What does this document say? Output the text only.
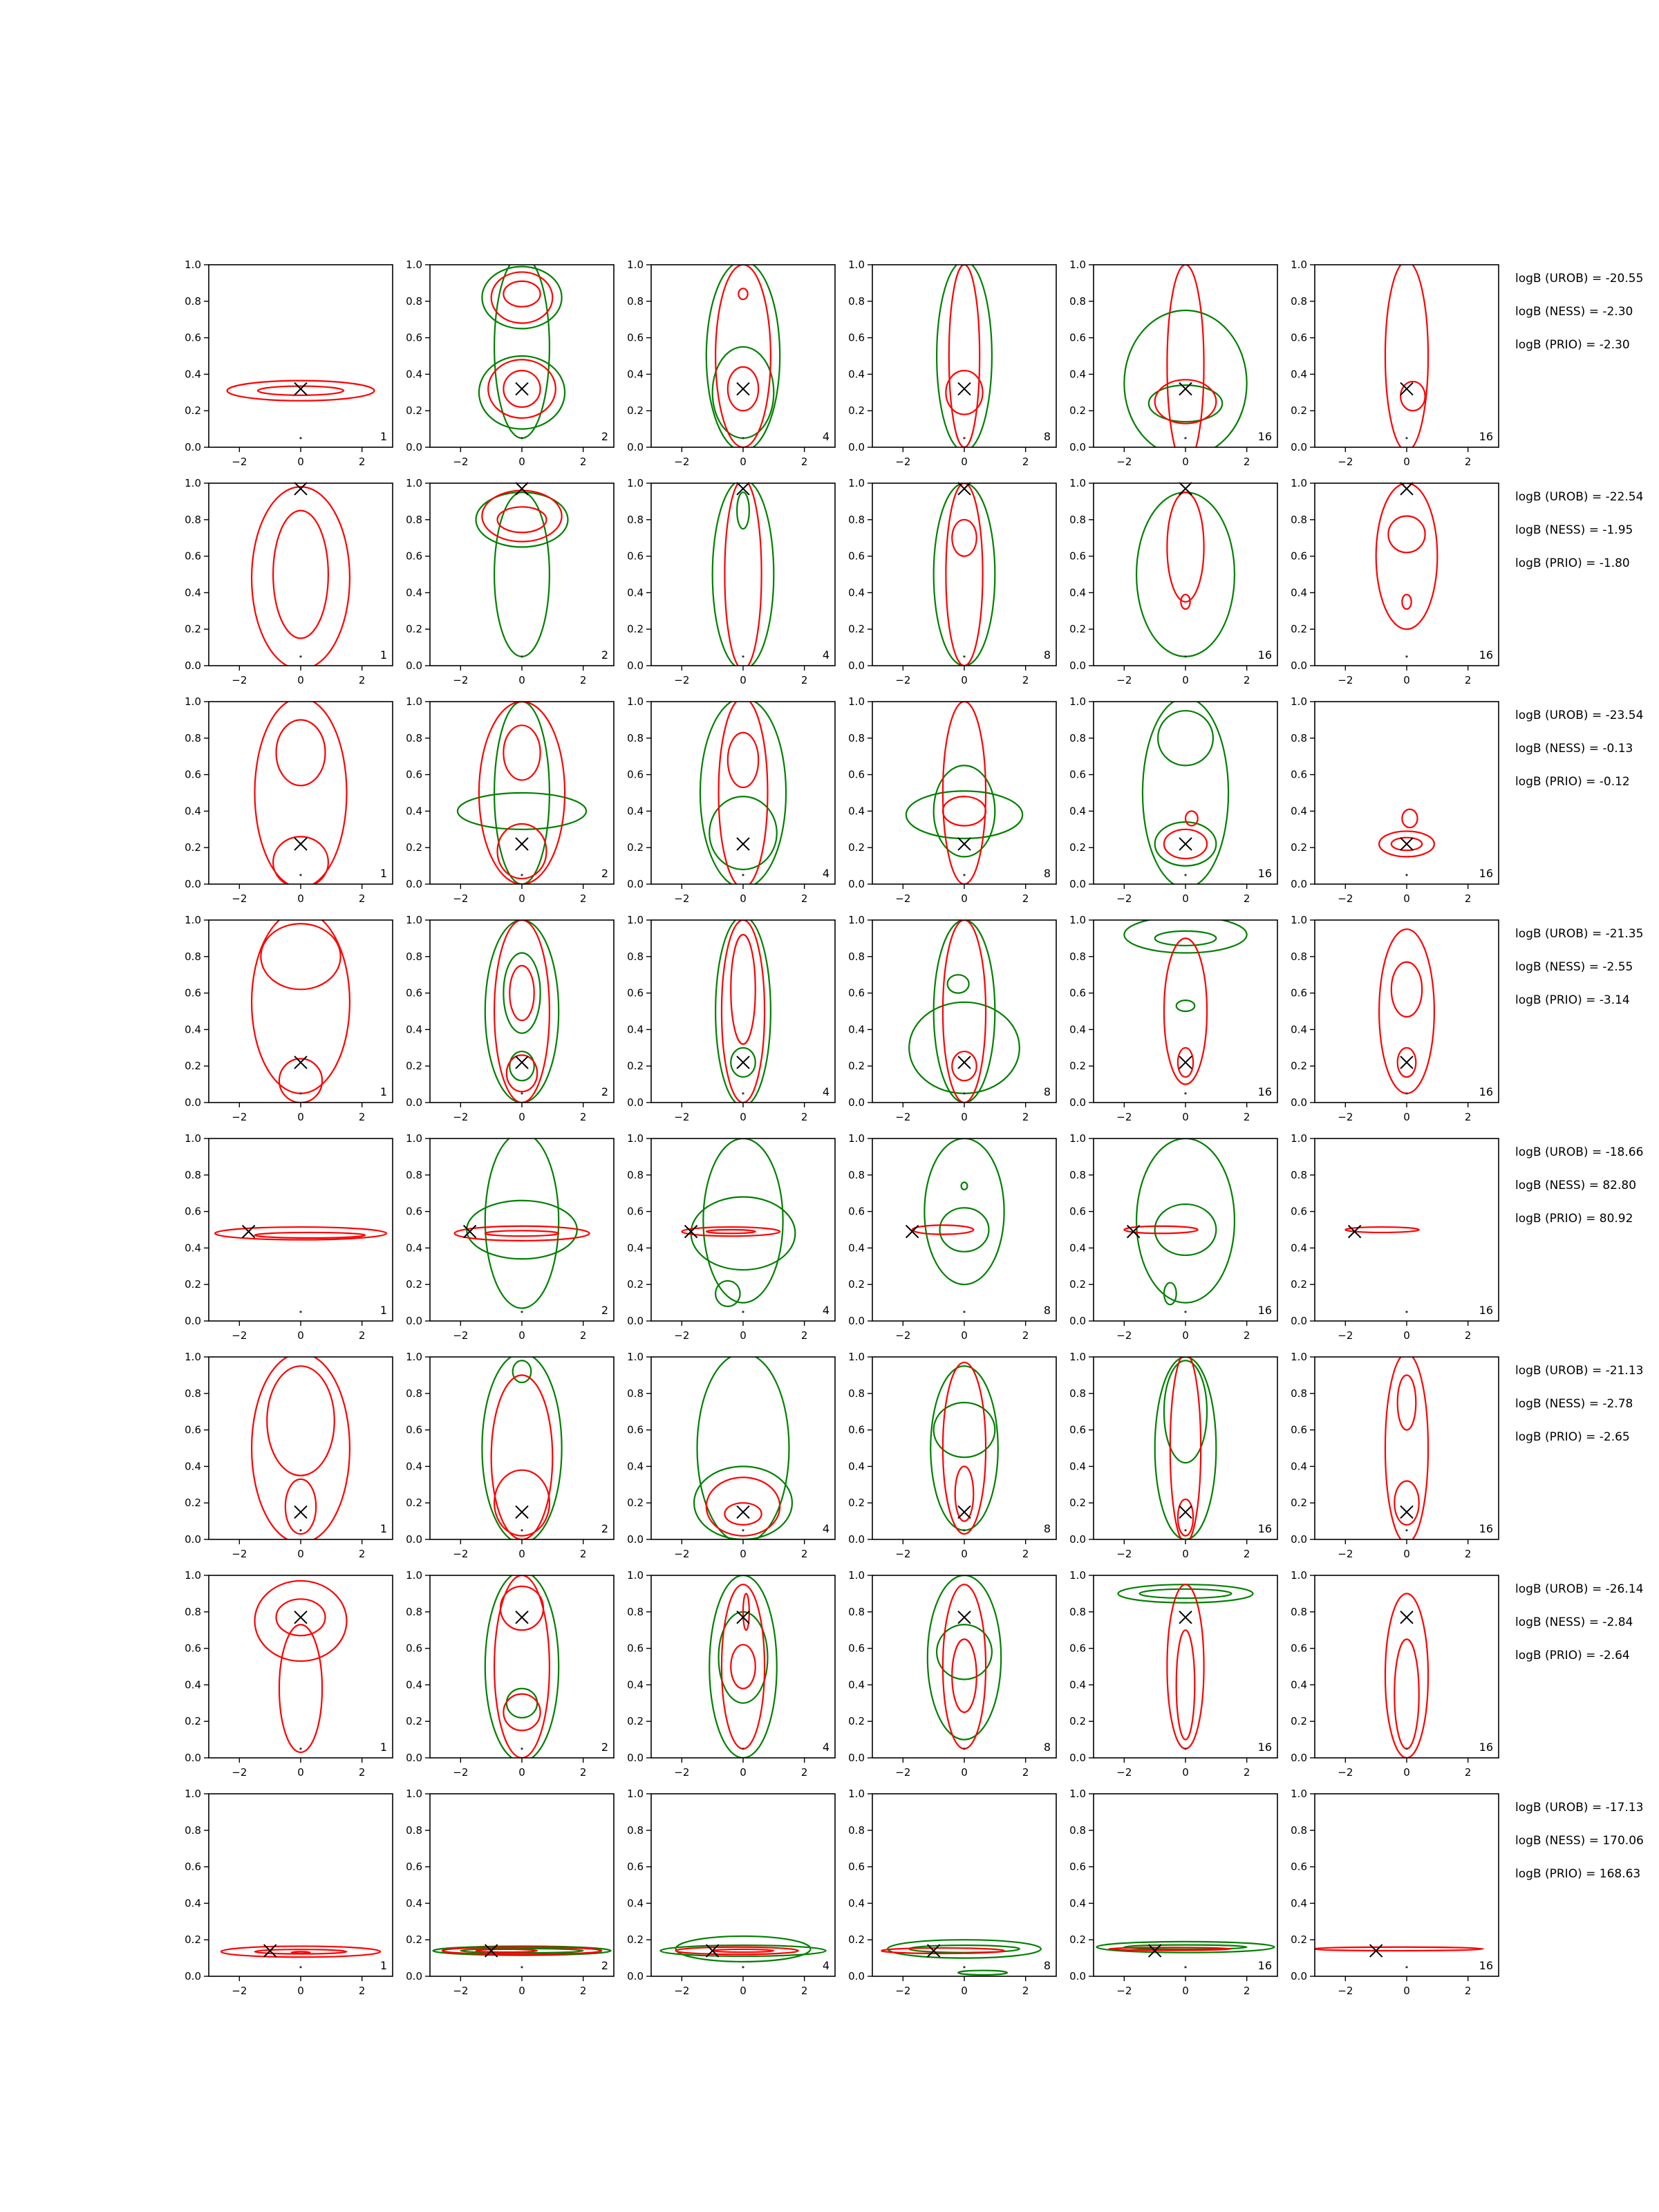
−2	0	2
0.0
0.2
0.4
0.6
0.8
1.0
1
−2	0	2
0.0
0.2
0.4
0.6
0.8
1.0
2
−2	0	2
0.0
0.2
0.4
0.6
0.8
1.0
4
−2	0	2
0.0
0.2
0.4
0.6
0.8
1.0
8
−2	0	2
0.0
0.2
0.4
0.6
0.8
1.0
16
−2	0	2
0.0
0.2
0.4
0.6
0.8
1.0
16
logB (UROB) = -20.55
logB (NESS) = -2.30
logB (PRIO) = -2.30
−2	0	2
0.0
0.2
0.4
0.6
0.8
1.0
1
−2	0	2
0.0
0.2
0.4
0.6
0.8
1.0
2
−2	0	2
0.0
0.2
0.4
0.6
0.8
1.0
4
−2	0	2
0.0
0.2
0.4
0.6
0.8
1.0
8
−2	0	2
0.0
0.2
0.4
0.6
0.8
1.0
16
−2	0	2
0.0
0.2
0.4
0.6
0.8
1.0
16
logB (UROB) = -22.54
logB (NESS) = -1.95
logB (PRIO) = -1.80
−2	0	2
0.0
0.2
0.4
0.6
0.8
1.0
1
−2	0	2
0.0
0.2
0.4
0.6
0.8
1.0
2
−2	0	2
0.0
0.2
0.4
0.6
0.8
1.0
4
−2	0	2
0.0
0.2
0.4
0.6
0.8
1.0
8
−2	0	2
0.0
0.2
0.4
0.6
0.8
1.0
16
−2	0	2
0.0
0.2
0.4
0.6
0.8
1.0
16
logB (UROB) = -23.54
logB (NESS) = -0.13
logB (PRIO) = -0.12
−2	0	2
0.0
0.2
0.4
0.6
0.8
1.0
1
−2	0	2
0.0
0.2
0.4
0.6
0.8
1.0
2
−2	0	2
0.0
0.2
0.4
0.6
0.8
1.0
4
−2	0	2
0.0
0.2
0.4
0.6
0.8
1.0
8
−2	0	2
0.0
0.2
0.4
0.6
0.8
1.0
16
−2	0	2
0.0
0.2
0.4
0.6
0.8
1.0
16
logB (UROB) = -21.35
logB (NESS) = -2.55
logB (PRIO) = -3.14
−2	0	2
0.0
0.2
0.4
0.6
0.8
1.0
1
−2	0	2
0.0
0.2
0.4
0.6
0.8
1.0
2
−2	0	2
0.0
0.2
0.4
0.6
0.8
1.0
4
−2	0	2
0.0
0.2
0.4
0.6
0.8
1.0
8
−2	0	2
0.0
0.2
0.4
0.6
0.8
1.0
16
−2	0	2
0.0
0.2
0.4
0.6
0.8
1.0
16
logB (UROB) = -18.66
logB (NESS) = 82.80
logB (PRIO) = 80.92
−2	0	2
0.0
0.2
0.4
0.6
0.8
1.0
1
−2	0	2
0.0
0.2
0.4
0.6
0.8
1.0
2
−2	0	2
0.0
0.2
0.4
0.6
0.8
1.0
4
−2	0	2
0.0
0.2
0.4
0.6
0.8
1.0
8
−2	0	2
0.0
0.2
0.4
0.6
0.8
1.0
16
−2	0	2
0.0
0.2
0.4
0.6
0.8
1.0
16
logB (UROB) = -21.13
logB (NESS) = -2.78
logB (PRIO) = -2.65
−2	0	2
0.0
0.2
0.4
0.6
0.8
1.0
1
−2	0	2
0.0
0.2
0.4
0.6
0.8
1.0
2
−2	0	2
0.0
0.2
0.4
0.6
0.8
1.0
4
−2	0	2
0.0
0.2
0.4
0.6
0.8
1.0
8
−2	0	2
0.0
0.2
0.4
0.6
0.8
1.0
16
−2	0	2
0.0
0.2
0.4
0.6
0.8
1.0
16
logB (UROB) = -26.14
logB (NESS) = -2.84
logB (PRIO) = -2.64
−2	0	2
0.0
0.2
0.4
0.6
0.8
1.0
1
−2	0	2
0.0
0.2
0.4
0.6
0.8
1.0
2
−2	0	2
0.0
0.2
0.4
0.6
0.8
1.0
4
−2	0	2
0.0
0.2
0.4
0.6
0.8
1.0
8
−2	0	2
0.0
0.2
0.4
0.6
0.8
1.0
16
−2	0	2
0.0
0.2
0.4
0.6
0.8
1.0
16
logB (UROB) = -17.13
logB (NESS) = 170.06
logB (PRIO) = 168.63
